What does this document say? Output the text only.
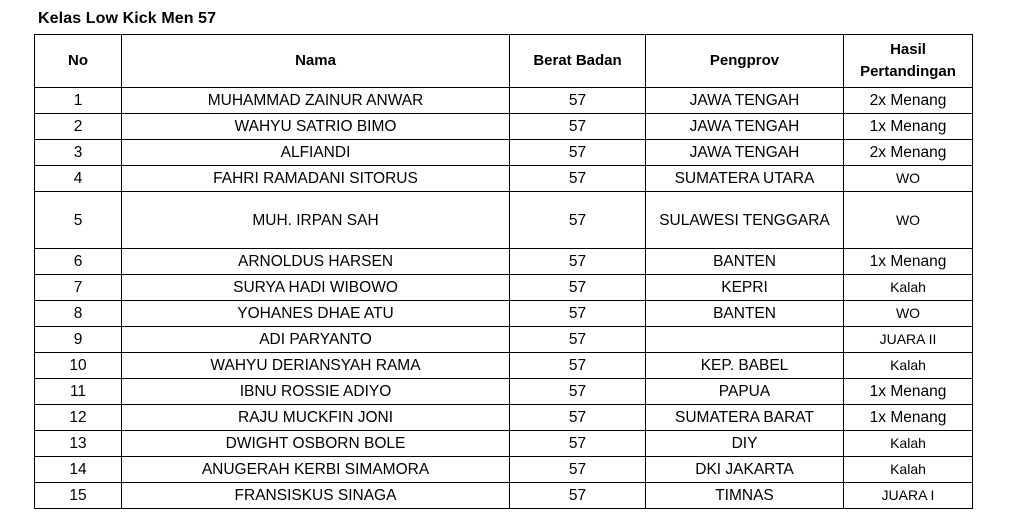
Kelas Low Kick Men 57
No	Nama	Berat Badan	Pengprov	Hasil
Pertandingan

1	MUHAMMAD ZAINUR ANWAR	57	JAWA TENGAH	2x Menang
2	WAHYU SATRIO BIMO	57	JAWA TENGAH	1x Menang
3	ALFIANDI	57	JAWA TENGAH	2x Menang
4	FAHRI RAMADANI SITORUS	57	SUMATERA UTARA	WO
5	MUH. IRPAN SAH	57	SULAWESI TENGGARA	WO
6	ARNOLDUS HARSEN	57	BANTEN	1x Menang
7	SURYA HADI WIBOWO	57	KEPRI	Kalah
8	YOHANES DHAE ATU	57	BANTEN	WO
9	ADI PARYANTO	57		JUARA II
10	WAHYU DERIANSYAH RAMA	57	KEP. BABEL	Kalah
11	IBNU ROSSIE ADIYO	57	PAPUA	1x Menang
12	RAJU MUCKFIN JONI	57	SUMATERA BARAT	1x Menang
13	DWIGHT OSBORN BOLE	57	DIY	Kalah
14	ANUGERAH KERBI SIMAMORA	57	DKI JAKARTA	Kalah
15	FRANSISKUS SINAGA	57	TIMNAS	JUARA I
